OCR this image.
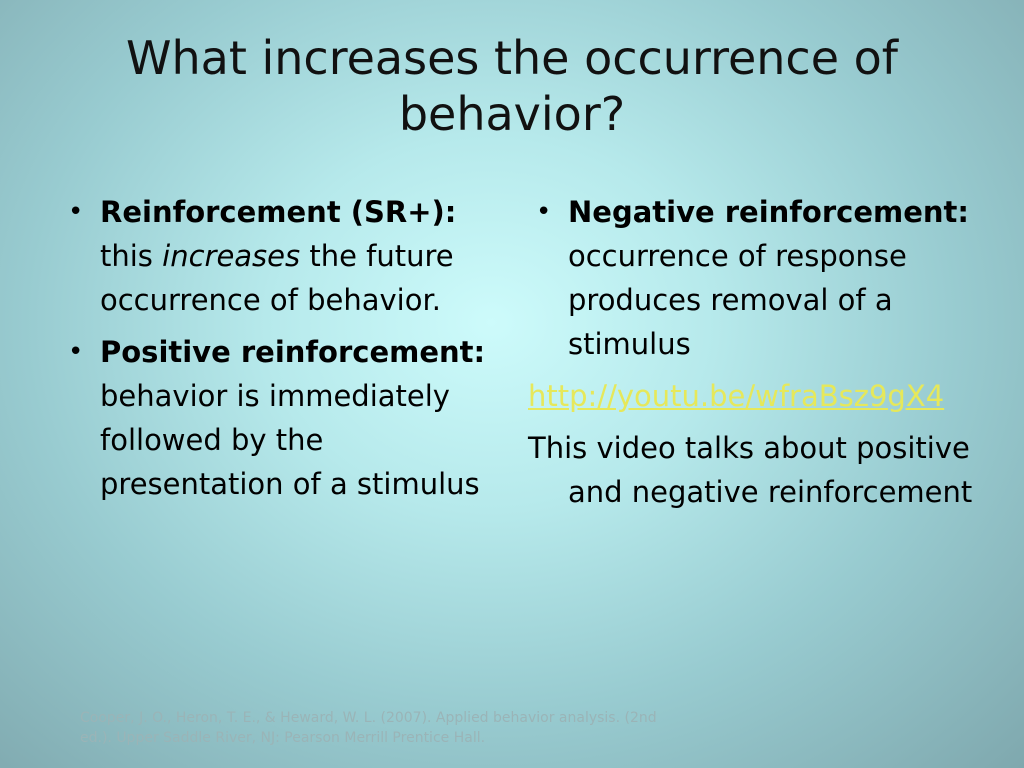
What increases the occurrence of behavior?

• Reinforcement (SR+): this increases the future occurrence of behavior.

• Positive reinforcement: behavior is immediately followed by the presentation of a stimulus

• Negative reinforcement: occurrence of response produces removal of a stimulus

http://youtu.be/wfraBsz9gX4

This video talks about positive and negative reinforcement

Cooper, J. O., Heron, T. E., & Heward, W. L. (2007). Applied behavior analysis. (2nd ed.). Upper Saddle River, NJ: Pearson Merrill Prentice Hall.
